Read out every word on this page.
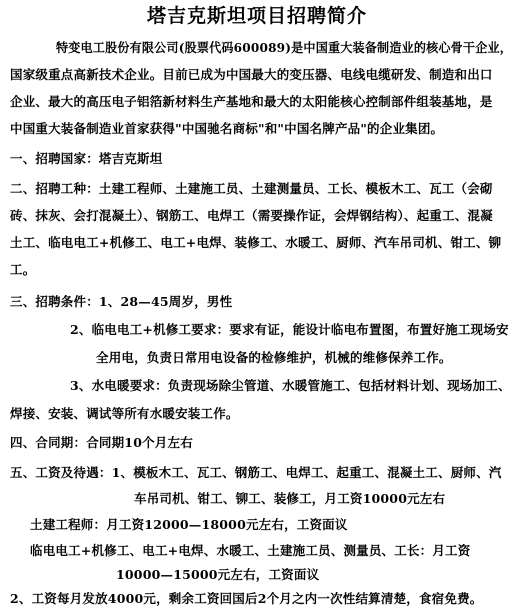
塔吉克斯坦项目招聘简介
特变电工股份有限公司(股票代码600089)是中国重大装备制造业的核心骨干企业，
国家级重点高新技术企业。目前已成为中国最大的变压器、电线电缆研发、制造和出口
企业、最大的高压电子铝箔新材料生产基地和最大的太阳能核心控制部件组装基地，是
中国重大装备制造业首家获得"中国驰名商标"和"中国名牌产品"的企业集团。
一、招聘国家：塔吉克斯坦
二、招聘工种：土建工程师、土建施工员、土建测量员、工长、模板木工、瓦工（会砌
砖、抹灰、会打混凝土）、钢筋工、电焊工（需要操作证，会焊钢结构）、起重工、混凝
土工、临电电工+机修工、电工+电焊、装修工、水暖工、厨师、汽车吊司机、钳工、铆
工。
三、招聘条件：1、28—45周岁，男性
2、临电电工+机修工要求：要求有证，能设计临电布置图，布置好施工现场安
全用电，负责日常用电设备的检修维护，机械的维修保养工作。
3、水电暖要求：负责现场除尘管道、水暖管施工、包括材料计划、现场加工、
焊接、安装、调试等所有水暖安装工作。
四、合同期：合同期10个月左右
五、工资及待遇：1、模板木工、瓦工、钢筋工、电焊工、起重工、混凝土工、厨师、汽
车吊司机、钳工、铆工、装修工，月工资10000元左右
土建工程师：月工资12000—18000元左右，工资面议
临电电工+机修工、电工+电焊、水暖工、土建施工员、测量员、工长：月工资
10000—15000元左右，工资面议
2、工资每月发放4000元，剩余工资回国后2个月之内一次性结算清楚，食宿免费。
